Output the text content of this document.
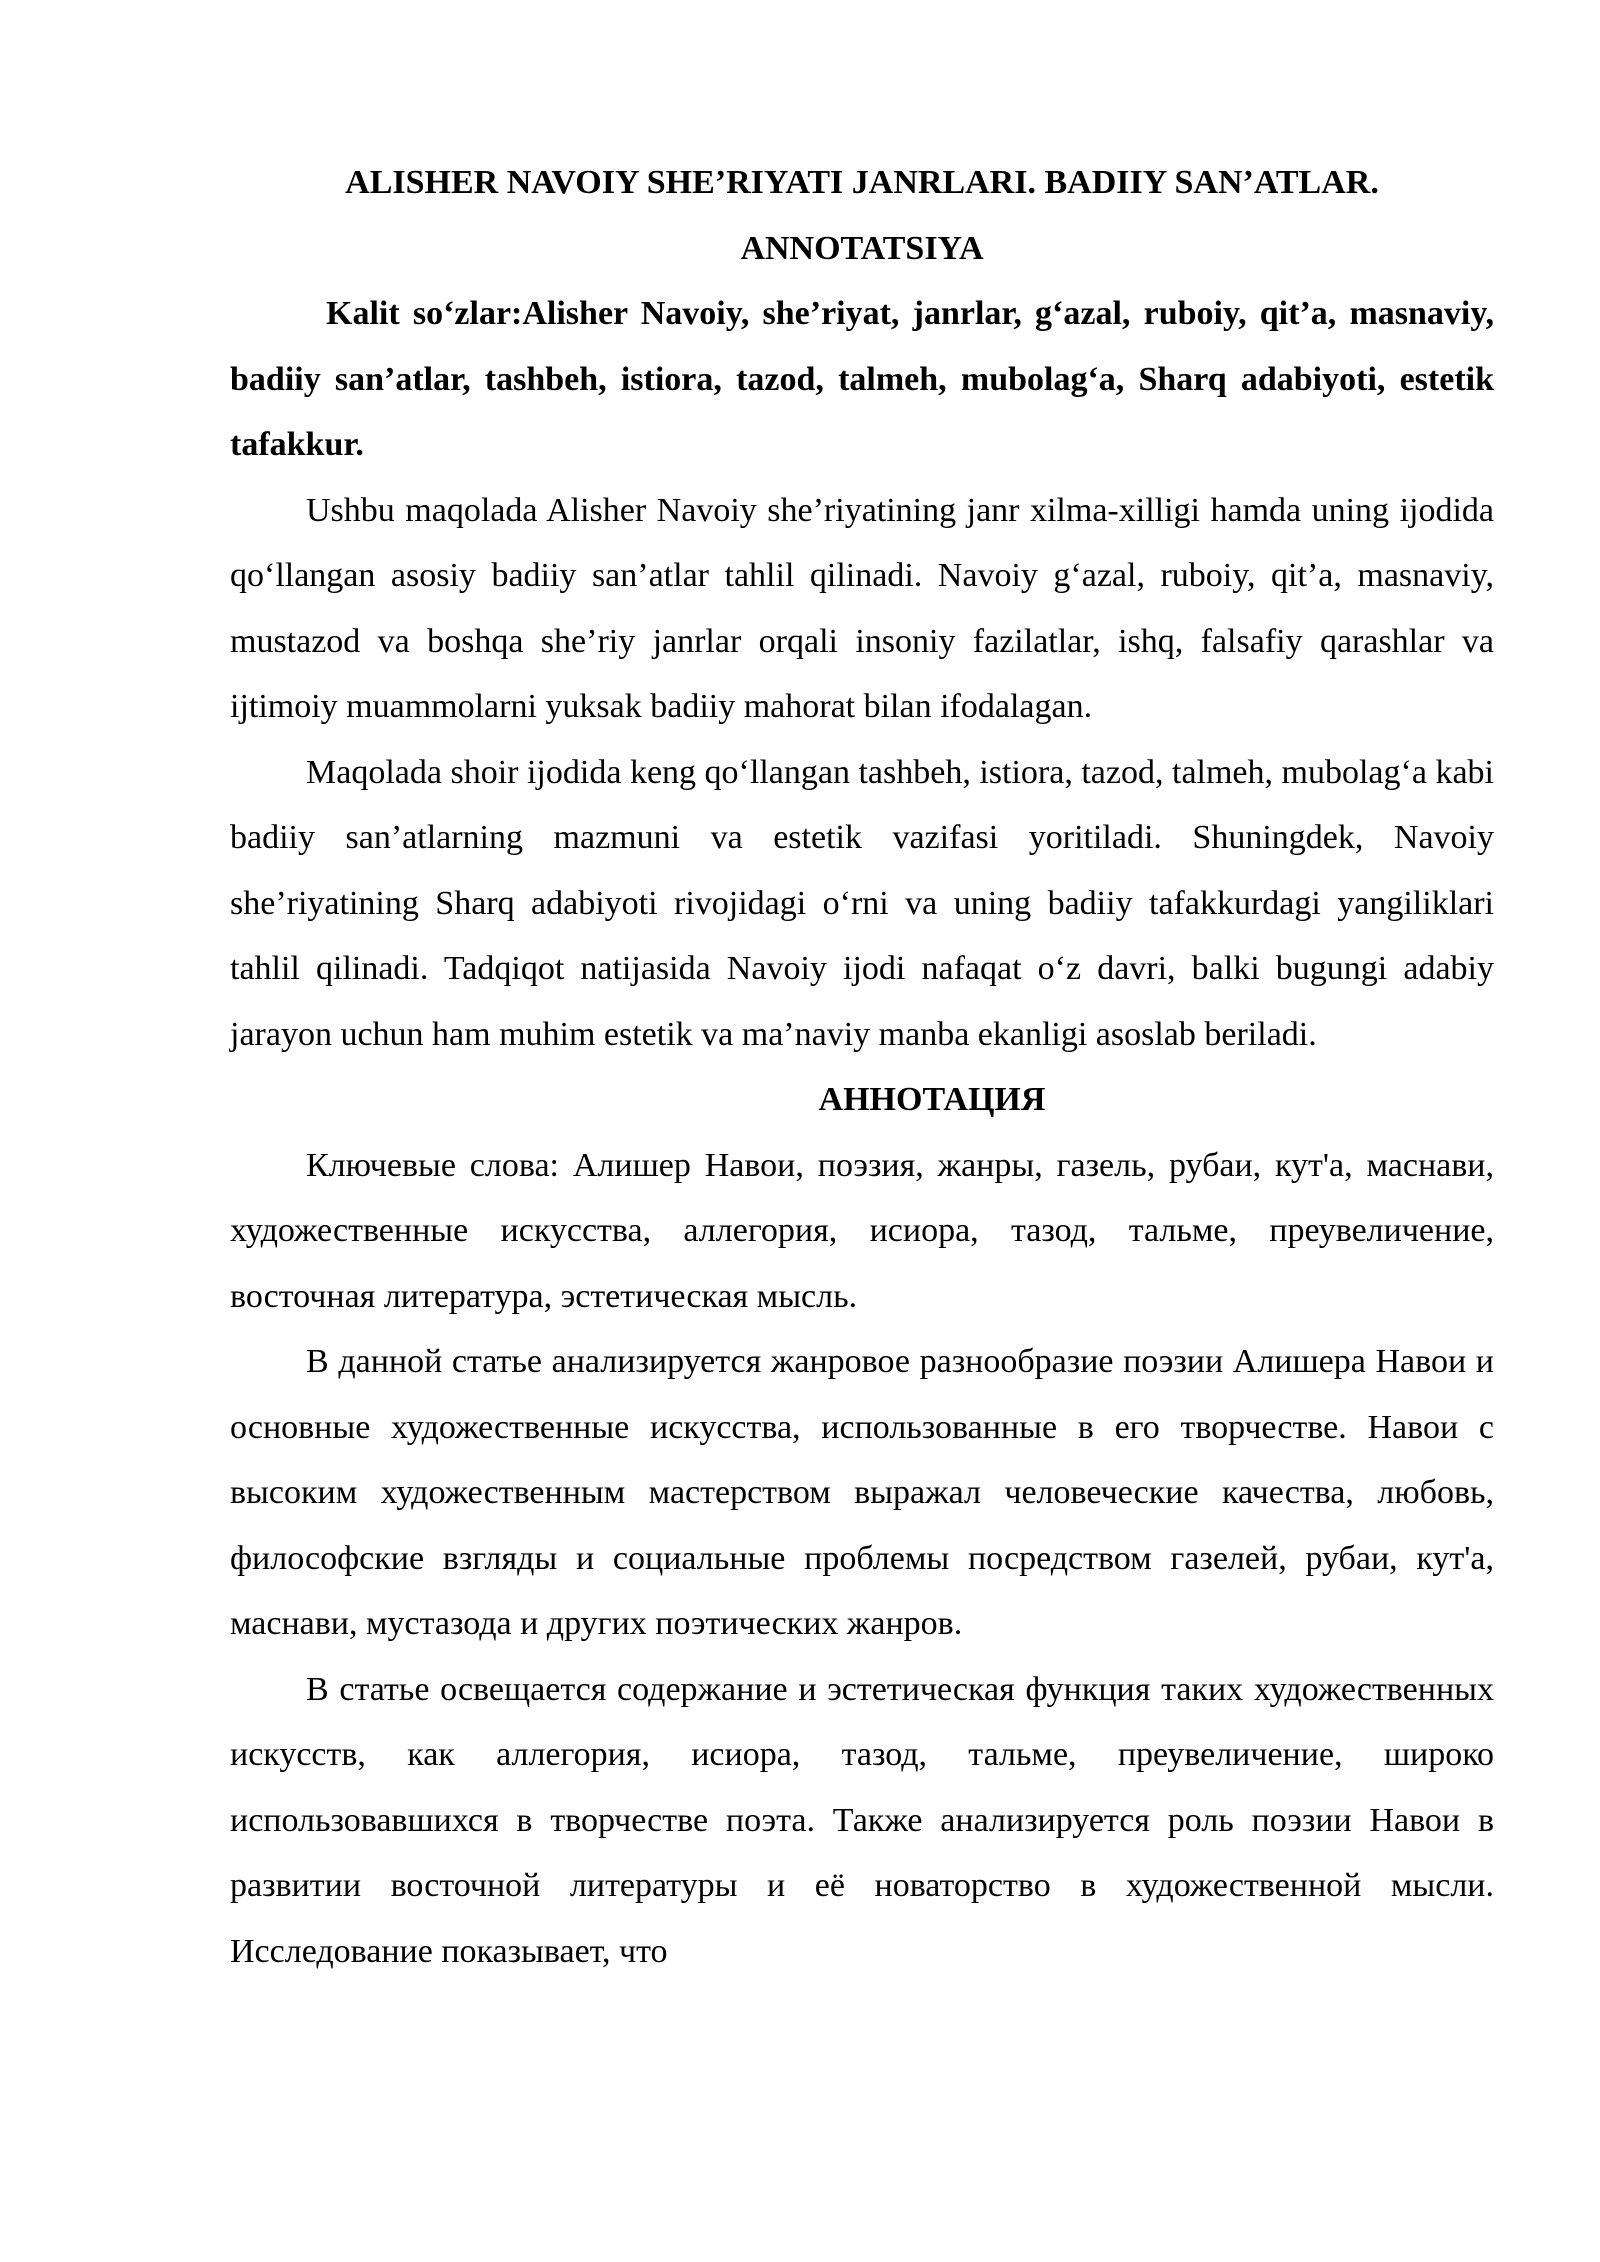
ALISHER NAVOIY SHE’RIYATI JANRLARI. BADIIY SAN’ATLAR.
ANNOTATSIYA
Kalit so‘zlar:Alisher Navoiy, she’riyat, janrlar, g‘azal, ruboiy, qit’a, masnaviy, badiiy san’atlar, tashbeh, istiora, tazod, talmeh, mubolag‘a, Sharq adabiyoti, estetik tafakkur.

Ushbu maqolada Alisher Navoiy she’riyatining janr xilma-xilligi hamda uning ijodida qo‘llangan asosiy badiiy san’atlar tahlil qilinadi. Navoiy g‘azal, ruboiy, qit’a, masnaviy, mustazod va boshqa she’riy janrlar orqali insoniy fazilatlar, ishq, falsafiy qarashlar va ijtimoiy muammolarni yuksak badiiy mahorat bilan ifodalagan.

Maqolada shoir ijodida keng qo‘llangan tashbeh, istiora, tazod, talmeh, mubolag‘a kabi badiiy san’atlarning mazmuni va estetik vazifasi yoritiladi. Shuningdek, Navoiy she’riyatining Sharq adabiyoti rivojidagi o‘rni va uning badiiy tafakkurdagi yangiliklari tahlil qilinadi. Tadqiqot natijasida Navoiy ijodi nafaqat o‘z davri, balki bugungi adabiy jarayon uchun ham muhim estetik va ma’naviy manba ekanligi asoslab beriladi.

АННОТАЦИЯ

Ключевые слова: Алишер Навои, поэзия, жанры, газель, рубаи, кут'а, маснави, художественные искусства, аллегория, исиора, тазод, тальме, преувеличение, восточная литература, эстетическая мысль.

В данной статье анализируется жанровое разнообразие поэзии Алишера Навои и основные художественные искусства, использованные в его творчестве. Навои с высоким художественным мастерством выражал человеческие качества, любовь, философские взгляды и социальные проблемы посредством газелей, рубаи, кут'а, маснави, мустазода и других поэтических жанров.

В статье освещается содержание и эстетическая функция таких художественных искусств, как аллегория, исиора, тазод, тальме, преувеличение, широко использовавшихся в творчестве поэта. Также анализируется роль поэзии Навои в развитии восточной литературы и её новаторство в художественной мысли. Исследование показывает, что
